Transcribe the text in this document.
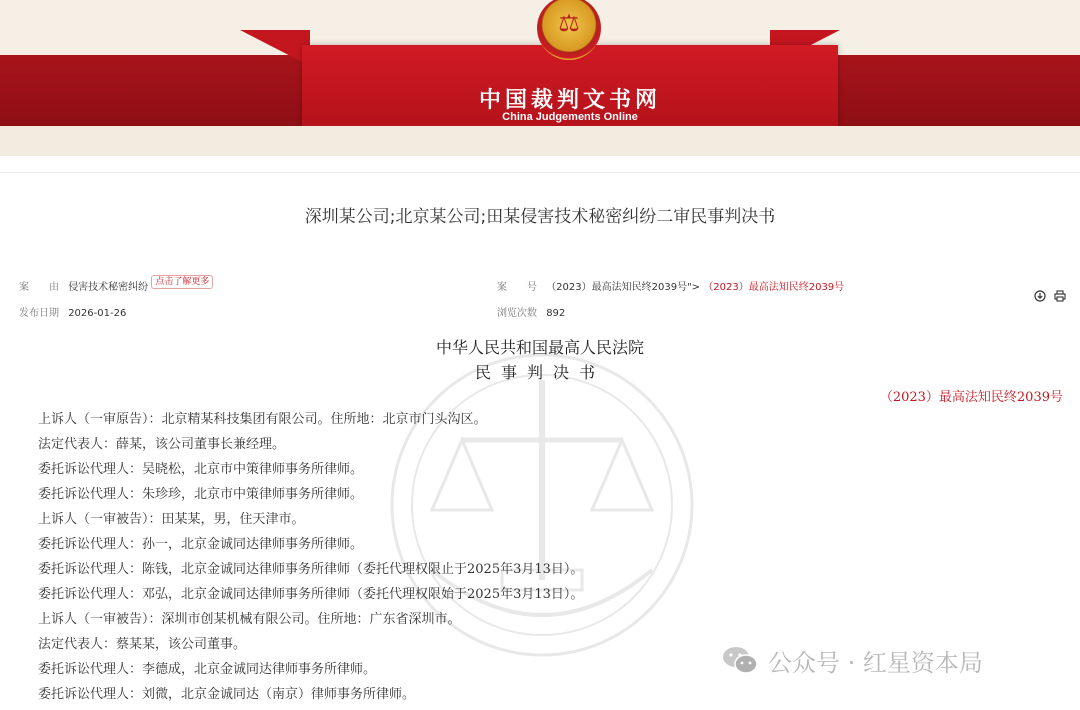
⚖
中国裁判文书网
China Judgements Online
深圳某公司;北京某公司;田某侵害技术秘密纠纷二审民事判决书
案　　由 侵害技术秘密纠纷 点击了解更多	案　　号 （2023）最高法知民终2039号"> （2023）最高法知民终2039号
发布日期 2026-01-26	浏览次数 892

中华人民共和国最高人民法院
民事判决书
（2023）最高法知民终2039号
上诉人（一审原告）：北京精某科技集团有限公司。住所地：北京市门头沟区。
法定代表人：薛某，该公司董事长兼经理。
委托诉讼代理人：吴晓松，北京市中策律师事务所律师。
委托诉讼代理人：朱珍珍，北京市中策律师事务所律师。
上诉人（一审被告）：田某某，男，住天津市。
委托诉讼代理人：孙一，北京金诚同达律师事务所律师。
委托诉讼代理人：陈钱，北京金诚同达律师事务所律师（委托代理权限止于2025年3月13日）。
委托诉讼代理人：邓弘，北京金诚同达律师事务所律师（委托代理权限始于2025年3月13日）。
上诉人（一审被告）：深圳市创某机械有限公司。住所地：广东省深圳市。
法定代表人：蔡某某，该公司董事。
委托诉讼代理人：李德成，北京金诚同达律师事务所律师。
委托诉讼代理人：刘微，北京金诚同达（南京）律师事务所律师。
公众号 · 红星资本局
